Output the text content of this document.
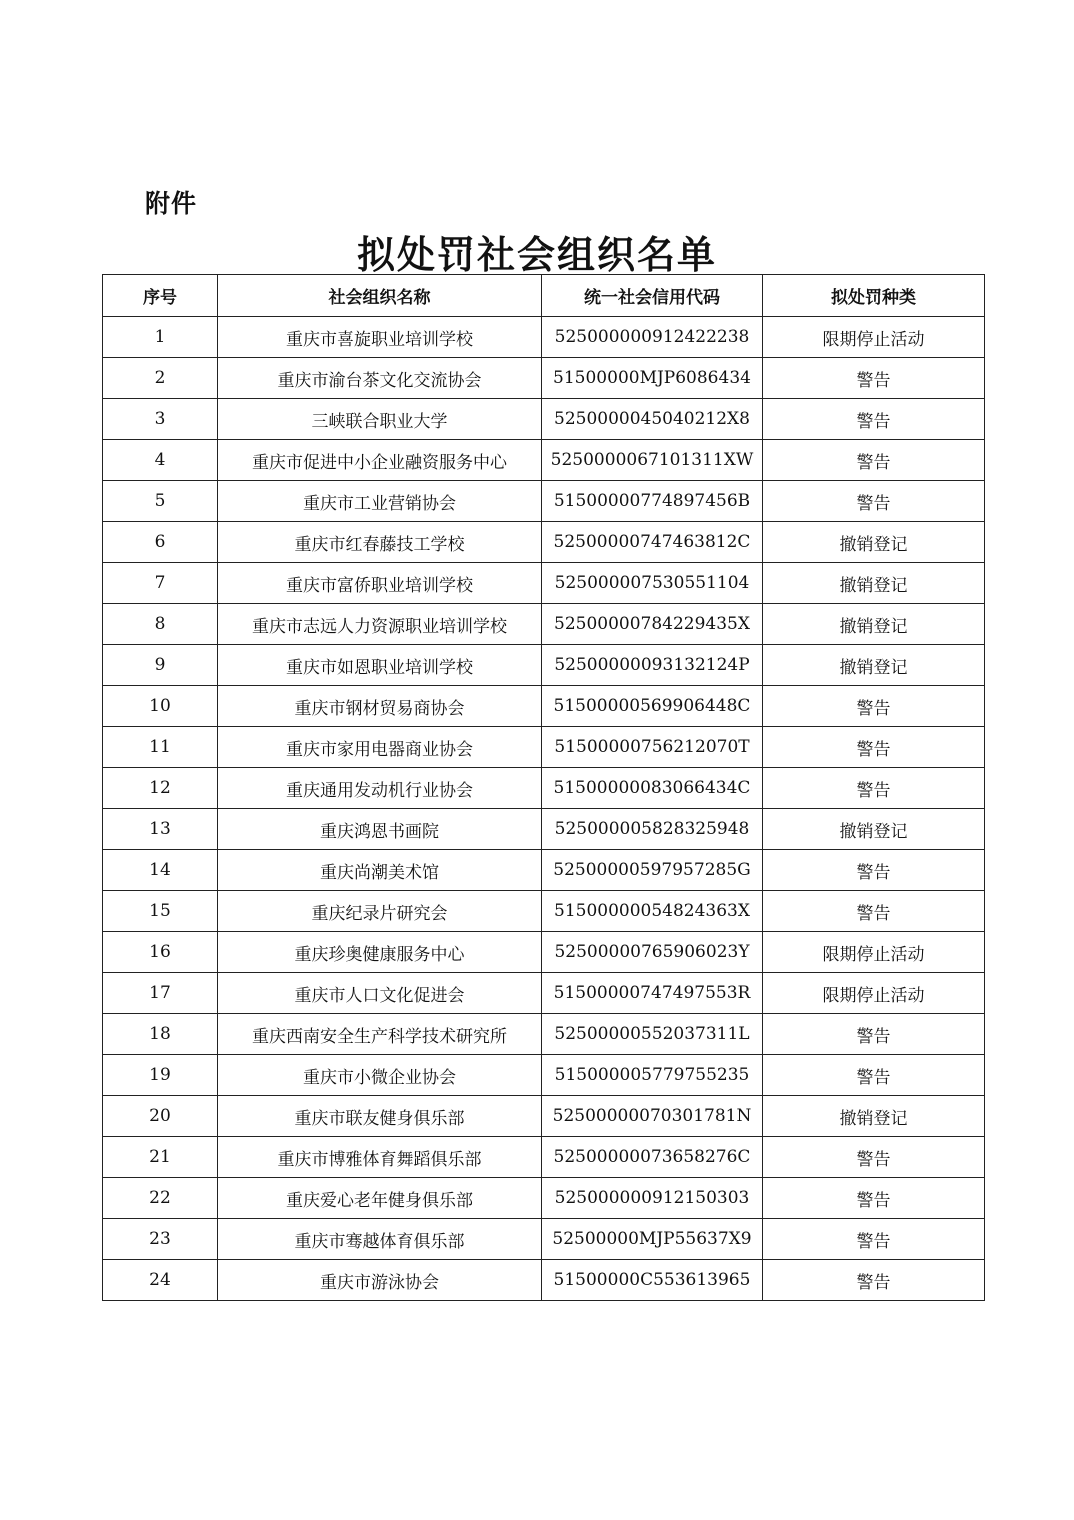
附件
拟处罚社会组织名单
序号	社会组织名称	统一社会信用代码	拟处罚种类
1	重庆市喜旋职业培训学校	525000000912422238	限期停止活动
2	重庆市渝台茶文化交流协会	51500000MJP6086434	警告
3	三峡联合职业大学	5250000045040212X8	警告
4	重庆市促进中小企业融资服务中心	5250000067101311XW	警告
5	重庆市工业营销协会	51500000774897456B	警告
6	重庆市红春藤技工学校	52500000747463812C	撤销登记
7	重庆市富侨职业培训学校	525000007530551104	撤销登记
8	重庆市志远人力资源职业培训学校	52500000784229435X	撤销登记
9	重庆市如恩职业培训学校	52500000093132124P	撤销登记
10	重庆市钢材贸易商协会	51500000569906448C	警告
11	重庆市家用电器商业协会	51500000756212070T	警告
12	重庆通用发动机行业协会	51500000083066434C	警告
13	重庆鸿恩书画院	525000005828325948	撤销登记
14	重庆尚潮美术馆	52500000597957285G	警告
15	重庆纪录片研究会	51500000054824363X	警告
16	重庆珍奥健康服务中心	52500000765906023Y	限期停止活动
17	重庆市人口文化促进会	51500000747497553R	限期停止活动
18	重庆西南安全生产科学技术研究所	52500000552037311L	警告
19	重庆市小微企业协会	515000005779755235	警告
20	重庆市联友健身俱乐部	52500000070301781N	撤销登记
21	重庆市博雅体育舞蹈俱乐部	52500000073658276C	警告
22	重庆爱心老年健身俱乐部	525000000912150303	警告
23	重庆市骞越体育俱乐部	52500000MJP55637X9	警告
24	重庆市游泳协会	51500000C553613965	警告
